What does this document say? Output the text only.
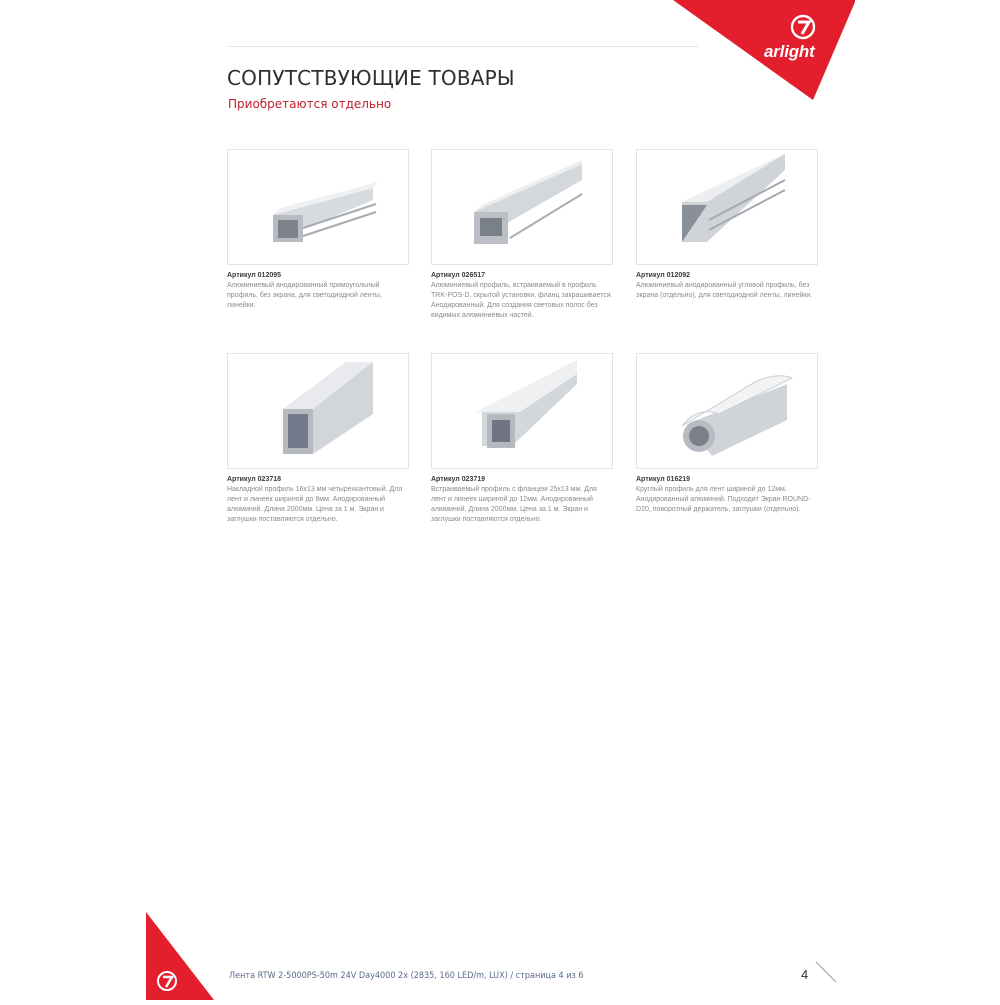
arlight
СОПУТСТВУЮЩИЕ ТОВАРЫ
Приобретаются отдельно
Артикул 012095
Алюминиевый анодированный прямоугольный профиль, без экрана, для светодиодной ленты, линейки.
Артикул 026517
Алюминиевый профиль, встраиваемый в профиль TRK-POS-D, скрытой установки, фланц закрашивается. Анодированный. Для создания световых полос без видимых алюминиевых частей.
Артикул 012092
Алюминиевый анодированный угловой профиль, без экрана (отдельно), для светодиодной ленты, линейки.
Артикул 023718
Накладной профиль 16x13 мм четырехкантовый. Для лент и линеек шириной до 8мм. Анодированный алюминий. Длина 2000мм. Цена за 1 м. Экран и заглушки поставляются отдельно.
Артикул 023719
Встраиваемый профиль с фланцем 25x13 мм. Для лент и линеек шириной до 12мм. Анодированный алюминий. Длина 2000мм. Цена за 1 м. Экран и заглушки поставляются отдельно.
Артикул 016219
Круглый профиль для лент шириной до 12мм. Анодированный алюминий. Подходит Экран ROUND-D20, поворотный держатель, заглушки (отдельно).
Лента RTW 2-5000PS-50m 24V Day4000 2x (2835, 160 LED/m, LUX) / страница 4 из 6	4
